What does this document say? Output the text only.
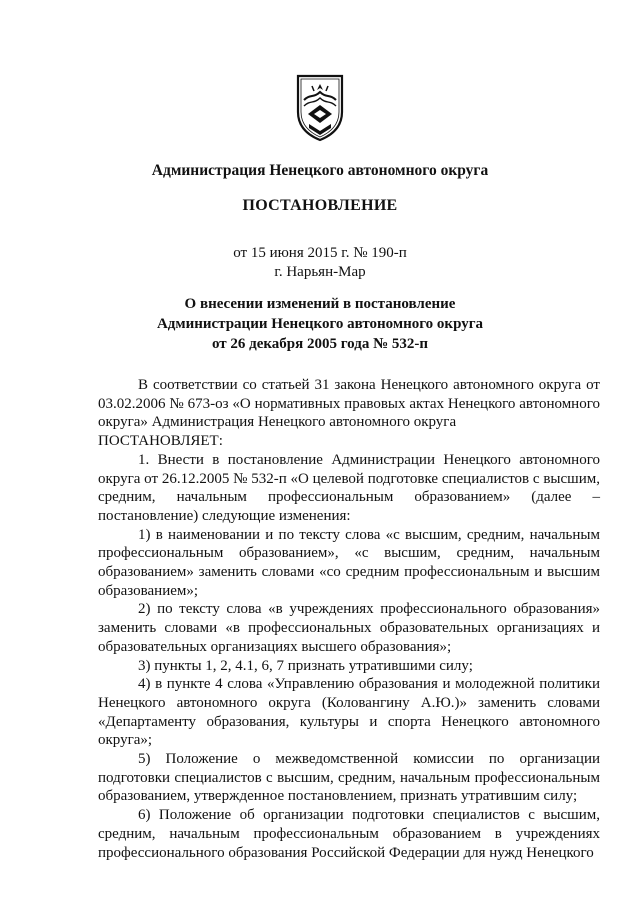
Администрация Ненецкого автономного округа
ПОСТАНОВЛЕНИЕ
от 15 июня 2015 г. № 190-п
г. Нарьян-Мар
О внесении изменений в постановление
Администрации Ненецкого автономного округа
от 26 декабря 2005 года № 532-п

В соответствии со статьей 31 закона Ненецкого автономного округа от 03.02.2006 № 673-оз «О нормативных правовых актах Ненецкого автономного округа» Администрация Ненецкого автономного округа

ПОСТАНОВЛЯЕТ:

1. Внести в постановление Администрации Ненецкого автономного округа от 26.12.2005 № 532-п «О целевой подготовке специалистов с высшим, средним, начальным профессиональным образованием» (далее – постановление) следующие изменения:

1) в наименовании и по тексту слова «с высшим, средним, начальным профессиональным образованием», «с высшим, средним, начальным образованием» заменить словами «со средним профессиональным и высшим образованием»;

2) по тексту слова «в учреждениях профессионального образования» заменить словами «в профессиональных образовательных организациях и образовательных организациях высшего образования»;

3) пункты 1, 2, 4.1, 6, 7 признать утратившими силу;

4) в пункте 4 слова «Управлению образования и молодежной политики Ненецкого автономного округа (Коловангину А.Ю.)» заменить словами «Департаменту образования, культуры и спорта Ненецкого автономного округа»;

5) Положение о межведомственной комиссии по организации подготовки специалистов с высшим, средним, начальным профессиональным образованием, утвержденное постановлением, признать утратившим силу;

6) Положение об организации подготовки специалистов с высшим, средним, начальным профессиональным образованием в учреждениях профессионального образования Российской Федерации для нужд Ненецкого
